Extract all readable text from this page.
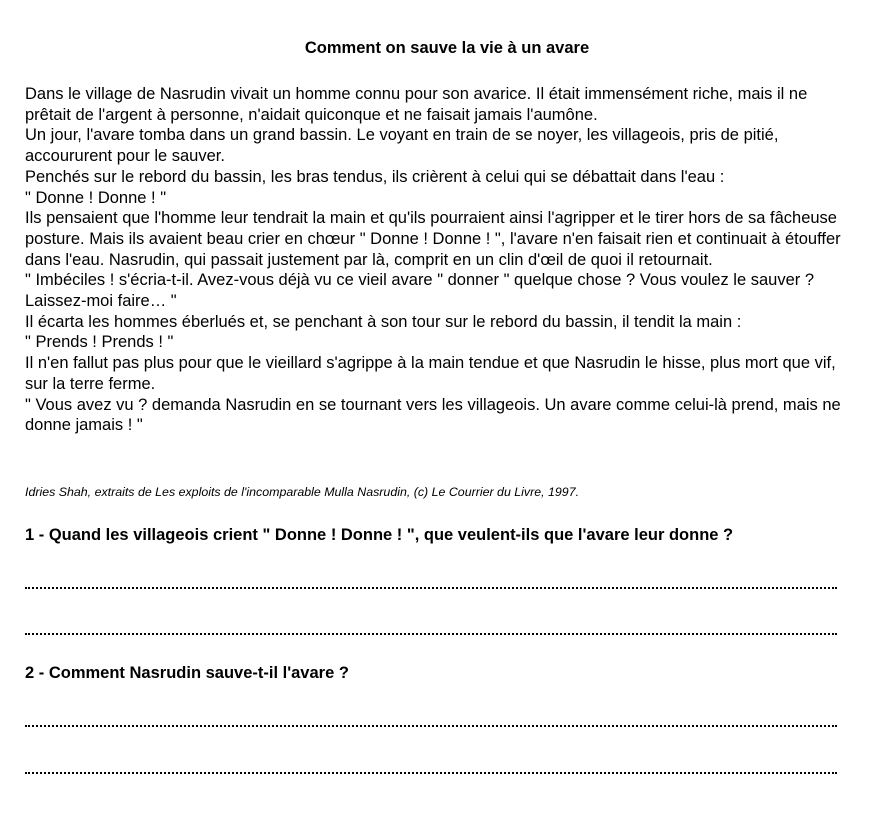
Comment on sauve la vie à un avare

Dans le village de Nasrudin vivait un homme connu pour son avarice. Il était immensément riche, mais il ne prêtait de l'argent à personne, n'aidait quiconque et ne faisait jamais l'aumône.

Un jour, l'avare tomba dans un grand bassin. Le voyant en train de se noyer, les villageois, pris de pitié, accoururent pour le sauver.

Penchés sur le rebord du bassin, les bras tendus, ils crièrent à celui qui se débattait dans l'eau :

" Donne ! Donne ! "

Ils pensaient que l'homme leur tendrait la main et qu'ils pourraient ainsi l'agripper et le tirer hors de sa fâcheuse posture. Mais ils avaient beau crier en chœur " Donne ! Donne ! ", l'avare n'en faisait rien et continuait à étouffer dans l'eau. Nasrudin, qui passait justement par là, comprit en un clin d'œil de quoi il retournait.

" Imbéciles ! s'écria-t-il. Avez-vous déjà vu ce vieil avare " donner " quelque chose ? Vous voulez le sauver ? Laissez-moi faire… "

Il écarta les hommes éberlués et, se penchant à son tour sur le rebord du bassin, il tendit la main :

" Prends ! Prends ! "

Il n'en fallut pas plus pour que le vieillard s'agrippe à la main tendue et que Nasrudin le hisse, plus mort que vif, sur la terre ferme.

" Vous avez vu ? demanda Nasrudin en se tournant vers les villageois. Un avare comme celui-là prend, mais ne donne jamais ! "

Idries Shah, extraits de Les exploits de l'incomparable Mulla Nasrudin, (c) Le Courrier du Livre, 1997.

1 - Quand les villageois crient " Donne ! Donne ! ", que veulent-ils que l'avare leur donne ?

2 - Comment Nasrudin sauve-t-il l'avare ?
